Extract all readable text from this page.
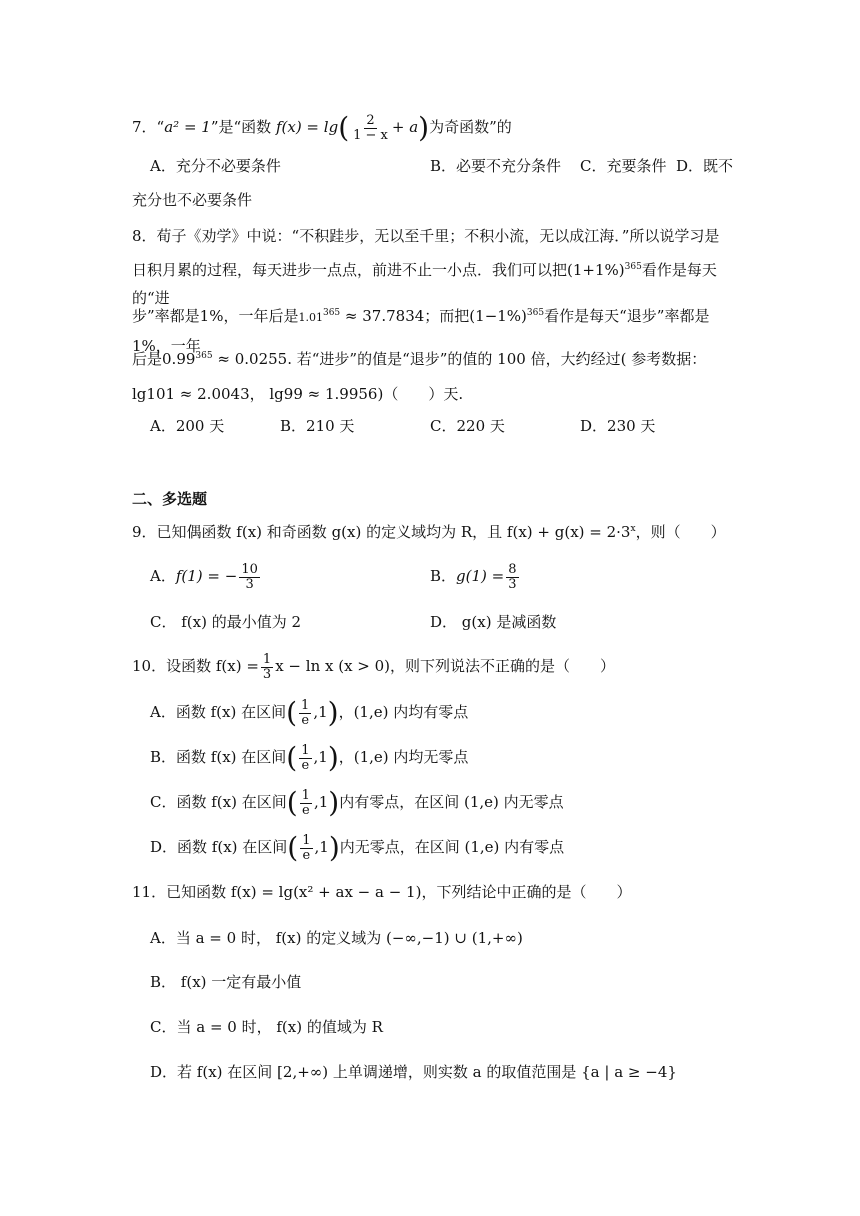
7．“a² = 1”是“函数 $f(x) = \lg( \frac{2}{1 - x} + a)$为奇函数”的
A．充分不必要条件	B．必要不充分条件 C．充要条件 D．既不
充分也不必要条件
8．荀子《劝学》中说：“不积跬步，无以至千里；不积小流，无以成江海．”所以说学习是
日积月累的过程，每天进步一点点，前进不止一小点．我们可以把$(1+1\%)^{365}$看作是每天的“进
步”率都是1%，一年后是$1.01^{365} \approx 37.7834$；而把$(1-1\%)^{365}$看作是每天“退步”率都是1%，一年
后是$0.99^{365} \approx 0.0255$. 若“进步”的值是“退步”的值的 100 倍，大约经过( 参考数据：
lg101 ≈ 2.0043， lg99 ≈ 1.9956)（　　）天.
A．200 天	B．210 天	C．220 天	D．230 天
二、多选题
9．已知偶函数 f(x) 和奇函数 g(x) 的定义域均为 R，且 $f(x) + g(x) = 2\cdot 3^x$，则（　　）
A．f(1) = − $\frac{10}{3}$	B．$g(1) = \frac{8}{3}$
C． f(x) 的最小值为 2	D． g(x) 是减函数
10．设函数 $f(x) = \frac{1}{3}$ x − ln x (x > 0)，则下列说法不正确的是（　　）
A．函数 f(x) 在区间( $\frac{1}{e} ,1$)，(1,e) 内均有零点
B．函数 f(x) 在区间( $\frac{1}{e} ,1$)，(1,e) 内均无零点
C．函数 f(x) 在区间( $\frac{1}{e} ,1$)内有零点，在区间 (1,e) 内无零点
D．函数 f(x) 在区间( $\frac{1}{e} ,1$)内无零点，在区间 (1,e) 内有零点
11．已知函数 f(x) = lg(x² + ax − a − 1)，下列结论中正确的是（　　）
A．当 a = 0 时， f(x) 的定义域为 (−∞,−1) ∪ (1,+∞)
B． f(x) 一定有最小值
C．当 a = 0 时， f(x) 的值域为 R
D．若 f(x) 在区间 [2,+∞) 上单调递增，则实数 a 的取值范围是 {a | a ≥ −4}
